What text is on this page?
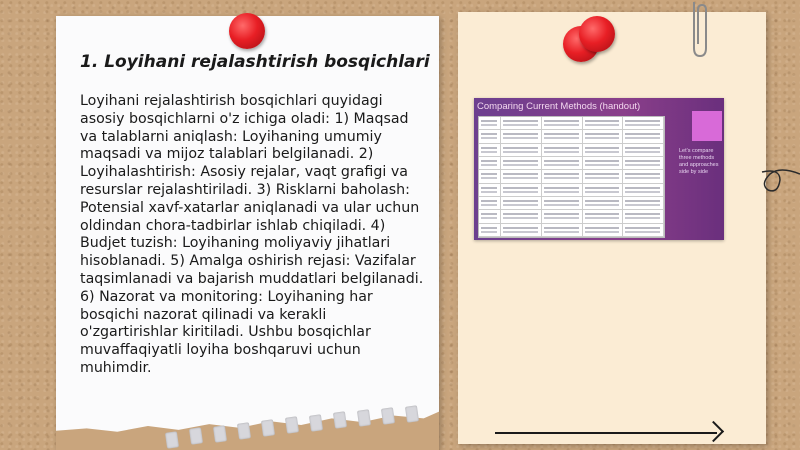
1. Loyihani rejalashtirish bosqichlari

Loyihani rejalashtirish bosqichlari quyidagi asosiy bosqichlarni o'z ichiga oladi: 1) Maqsad va talablarni aniqlash: Loyihaning umumiy maqsadi va mijoz talablari belgilanadi. 2) Loyihalashtirish: Asosiy rejalar, vaqt grafigi va resurslar rejalashtiriladi. 3) Risklarni baholash: Potensial xavf-xatarlar aniqlanadi va ular uchun oldindan chora-tadbirlar ishlab chiqiladi. 4) Budjet tuzish: Loyihaning moliyaviy jihatlari hisoblanadi. 5) Amalga oshirish rejasi: Vazifalar taqsimlanadi va bajarish muddatlari belgilanadi. 6) Nazorat va monitoring: Loyihaning har bosqichi nazorat qilinadi va kerakli o'zgartirishlar kiritiladi. Ushbu bosqichlar muvaffaqiyatli loyiha boshqaruvi uchun muhimdir.

Comparing Current Methods (handout)
Let's compare three methods and approaches side by side
